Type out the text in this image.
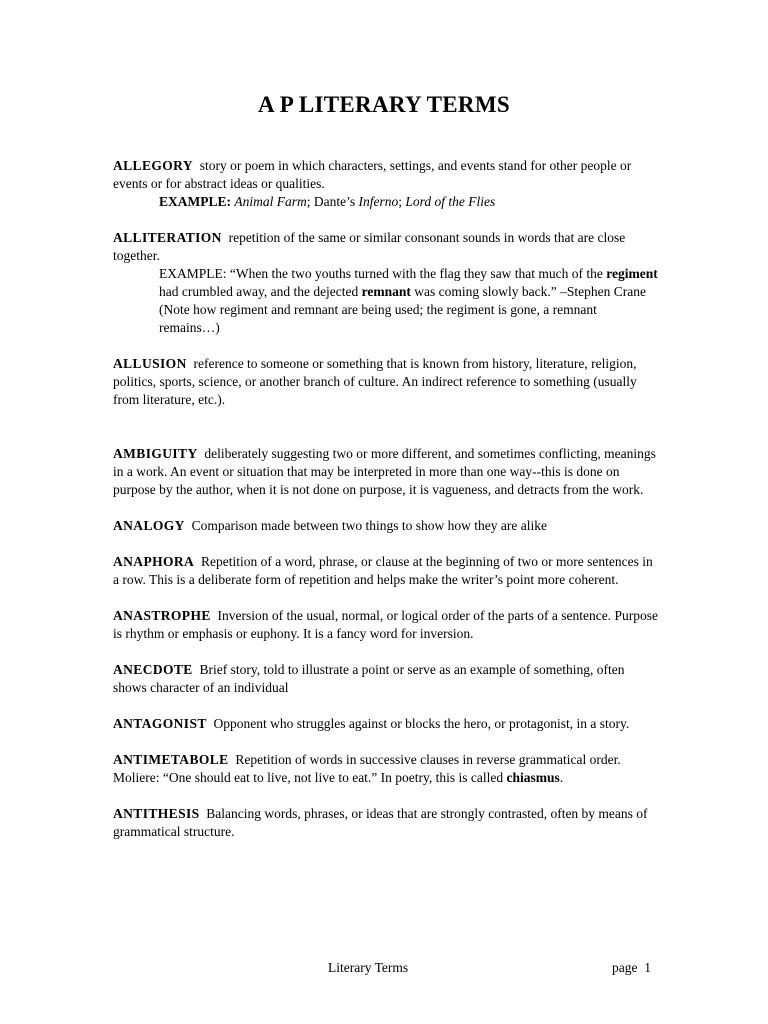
A P LITERARY TERMS
ALLEGORY story or poem in which characters, settings, and events stand for other people or events or for abstract ideas or qualities.
EXAMPLE: Animal Farm; Dante’s Inferno; Lord of the Flies
ALLITERATION repetition of the same or similar consonant sounds in words that are close together.
EXAMPLE: “When the two youths turned with the flag they saw that much of the regiment had crumbled away, and the dejected remnant was coming slowly back.” –Stephen Crane (Note how regiment and remnant are being used; the regiment is gone, a remnant remains…)
ALLUSION reference to someone or something that is known from history, literature, religion, politics, sports, science, or another branch of culture. An indirect reference to something (usually from literature, etc.).
AMBIGUITY deliberately suggesting two or more different, and sometimes conflicting, meanings in a work. An event or situation that may be interpreted in more than one way--this is done on purpose by the author, when it is not done on purpose, it is vagueness, and detracts from the work.
ANALOGY Comparison made between two things to show how they are alike
ANAPHORA Repetition of a word, phrase, or clause at the beginning of two or more sentences in a row. This is a deliberate form of repetition and helps make the writer’s point more coherent.
ANASTROPHE Inversion of the usual, normal, or logical order of the parts of a sentence. Purpose is rhythm or emphasis or euphony. It is a fancy word for inversion.
ANECDOTE Brief story, told to illustrate a point or serve as an example of something, often shows character of an individual
ANTAGONIST Opponent who struggles against or blocks the hero, or protagonist, in a story.
ANTIMETABOLE Repetition of words in successive clauses in reverse grammatical order.
Moliere: “One should eat to live, not live to eat.” In poetry, this is called chiasmus.
ANTITHESIS Balancing words, phrases, or ideas that are strongly contrasted, often by means of grammatical structure.
Literary Terms	page  1
